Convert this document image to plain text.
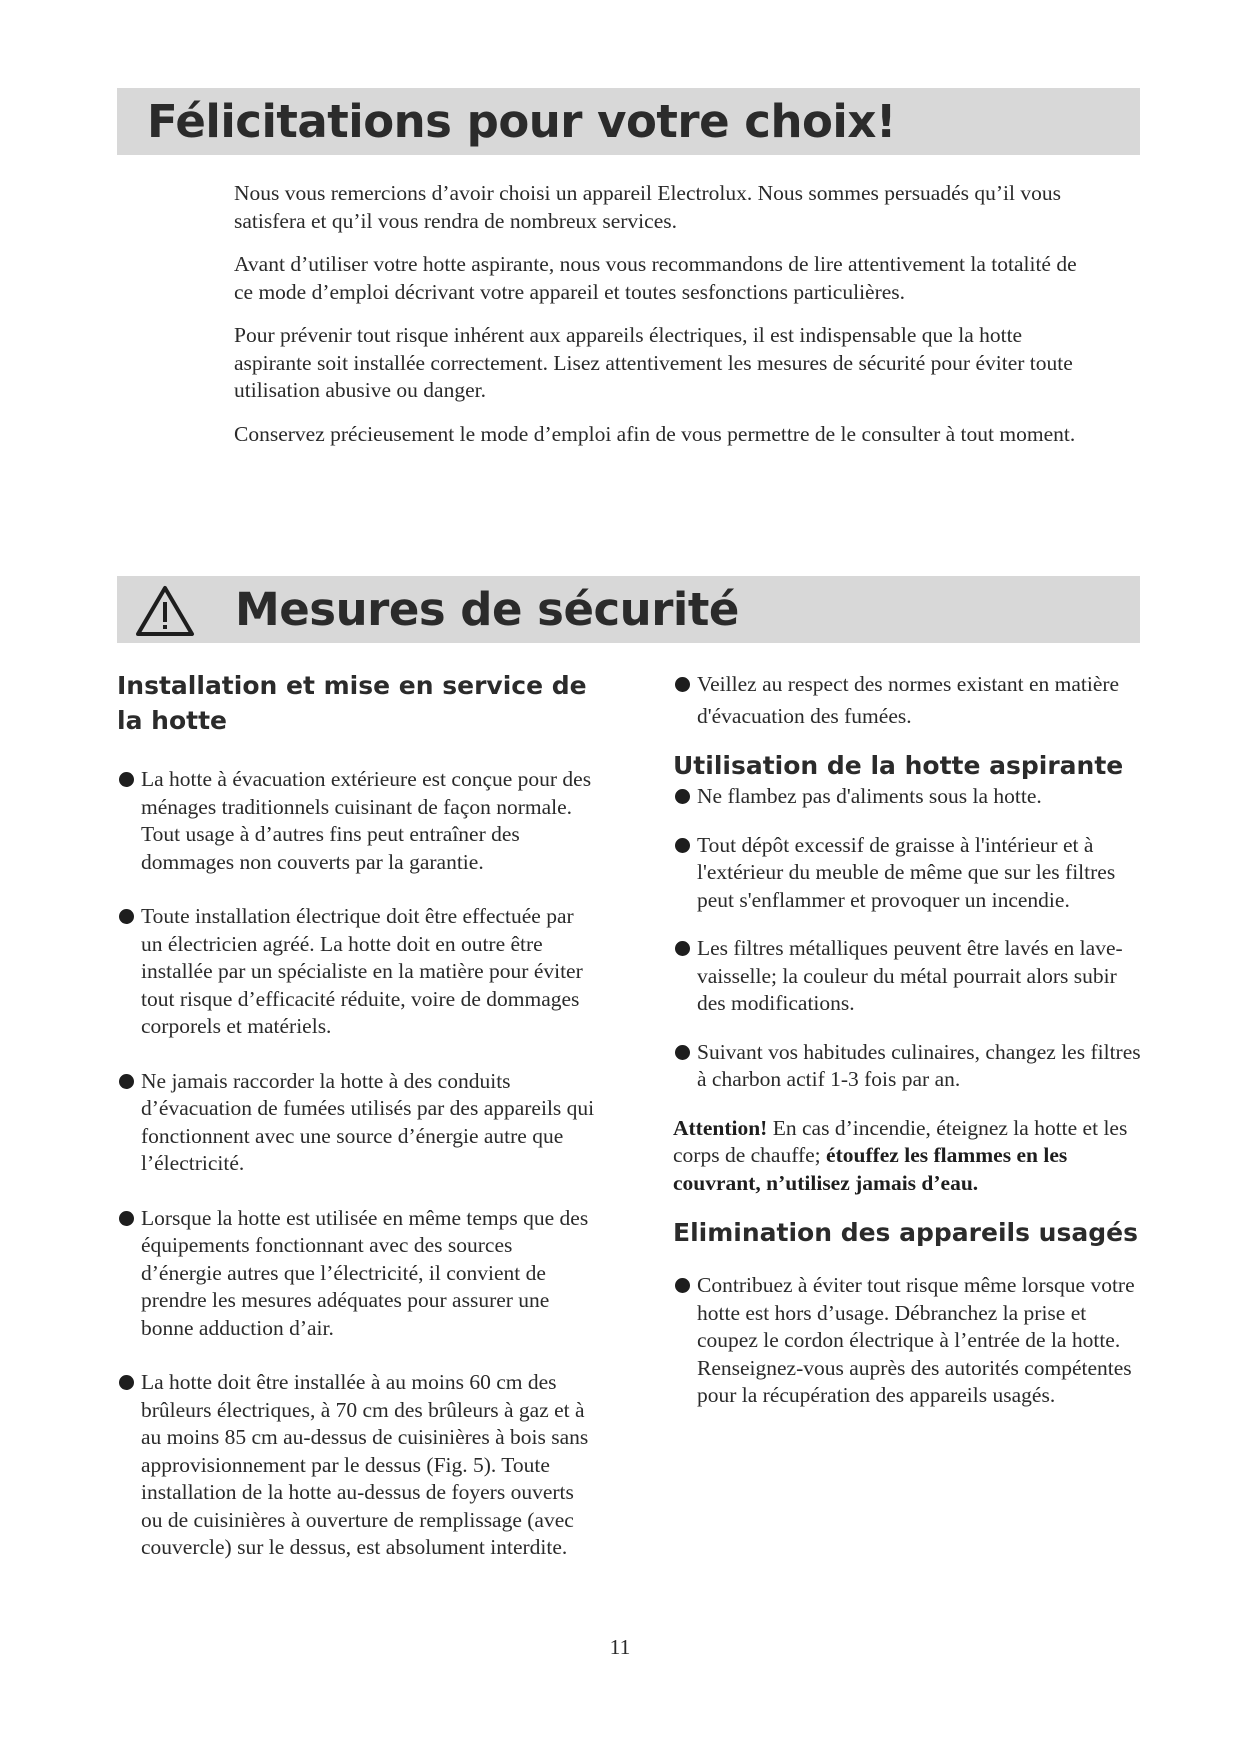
Félicitations pour votre choix!

Nous vous remercions d’avoir choisi un appareil Electrolux. Nous sommes persuadés qu’il vous satisfera et qu’il vous rendra de nombreux services.

Avant d’utiliser votre hotte aspirante, nous vous recommandons de lire attentivement la totalité de ce mode d’emploi décrivant votre appareil et toutes sesfonctions particulières.

Pour prévenir tout risque inhérent aux appareils électriques, il est indispensable que la hotte aspirante soit installée correctement. Lisez attentivement les mesures de sécurité pour éviter toute utilisation abusive ou danger.

Conservez précieusement le mode d’emploi afin de vous permettre de le consulter à tout moment.

Mesures de sécurité
Installation et mise en service de la hotte
La hotte à évacuation extérieure est conçue pour des ménages traditionnels cuisinant de façon normale. Tout usage à d’autres fins peut entraîner des dommages non couverts par la garantie.
Toute installation électrique doit être effectuée par un électricien agréé. La hotte doit en outre être installée par un spécialiste en la matière pour éviter tout risque d’efficacité réduite, voire de dommages corporels et matériels.
Ne jamais raccorder la hotte à des conduits d’évacuation de fumées utilisés par des appareils qui fonctionnent avec une source d’énergie autre que l’électricité.
Lorsque la hotte est utilisée en même temps que des équipements fonctionnant avec des sources d’énergie autres que l’électricité, il convient de prendre les mesures adéquates pour assurer une bonne adduction d’air.
La hotte doit être installée à au moins 60 cm des brûleurs électriques, à 70 cm des brûleurs à gaz et à au moins 85 cm au-dessus de cuisinières à bois sans approvisionnement par le dessus (Fig. 5). Toute installation de la hotte au-dessus de foyers ouverts ou de cuisinières à ouverture de remplissage (avec couvercle) sur le dessus, est absolument interdite.
Veillez au respect des normes existant en matière d'évacuation des fumées.
Utilisation de la hotte aspirante
Ne flambez pas d'aliments sous la hotte.
Tout dépôt excessif de graisse à l'intérieur et à l'extérieur du meuble de même que sur les filtres peut s'enflammer et provoquer un incendie.
Les filtres métalliques peuvent être lavés en lave-vaisselle; la couleur du métal pourrait alors subir des modifications.
Suivant vos habitudes culinaires, changez les filtres à charbon actif 1-3 fois par an.

Attention! En cas d’incendie, éteignez la hotte et les corps de chauffe; étouffez les flammes en les couvrant, n’utilisez jamais d’eau.

Elimination des appareils usagés
Contribuez à éviter tout risque même lorsque votre hotte est hors d’usage. Débranchez la prise et coupez le cordon électrique à l’entrée de la hotte. Renseignez-vous auprès des autorités compétentes pour la récupération des appareils usagés.
11
